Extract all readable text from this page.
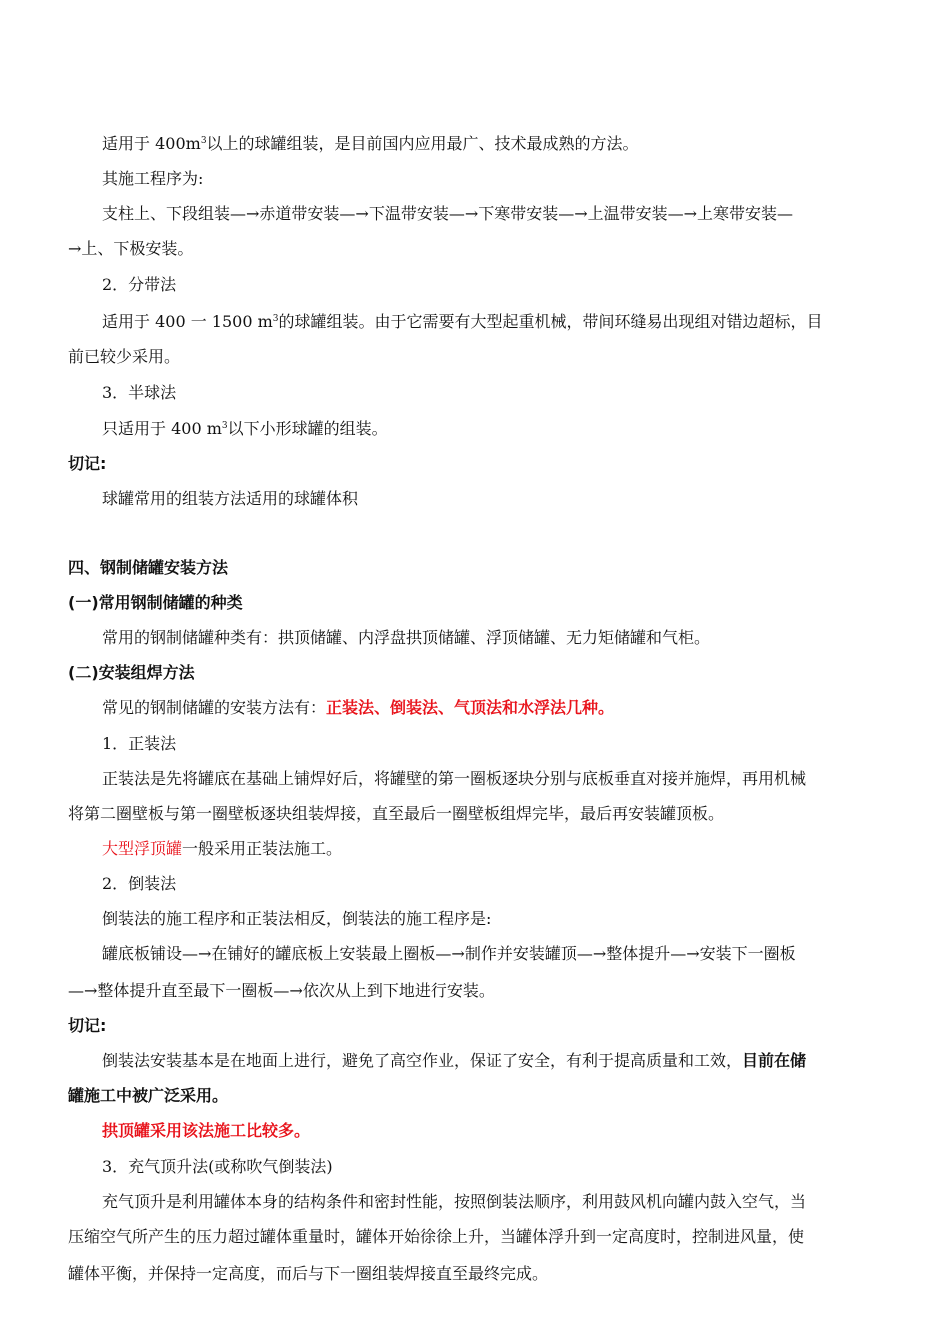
适用于 $400m^3$以上的球罐组装，是目前国内应用最广、技术最成熟的方法。
其施工程序为:
支柱上、下段组装—→赤道带安装—→下温带安装—→下寒带安装—→上温带安装—→上寒带安装—
→上、下极安装。
2．分带法
适用于 400 一 1500 $m^3$的球罐组装。由于它需要有大型起重机械，带间环缝易出现组对错边超标，目
前已较少采用。
3．半球法
只适用于 400 $m^3$以下小形球罐的组装。
切记:
球罐常用的组装方法适用的球罐体积
四、钢制储罐安装方法
(一)常用钢制储罐的种类
常用的钢制储罐种类有：拱顶储罐、内浮盘拱顶储罐、浮顶储罐、无力矩储罐和气柜。
(二)安装组焊方法
常见的钢制储罐的安装方法有：正装法、倒装法、气顶法和水浮法几种。
1．正装法
正装法是先将罐底在基础上铺焊好后，将罐壁的第一圈板逐块分别与底板垂直对接并施焊，再用机械
将第二圈壁板与第一圈壁板逐块组装焊接，直至最后一圈壁板组焊完毕，最后再安装罐顶板。
大型浮顶罐一般采用正装法施工。
2．倒装法
倒装法的施工程序和正装法相反，倒装法的施工程序是:
罐底板铺设—→在铺好的罐底板上安装最上圈板—→制作并安装罐顶—→整体提升—→安装下一圈板
—→整体提升直至最下一圈板—→依次从上到下地进行安装。
切记:
倒装法安装基本是在地面上进行，避免了高空作业，保证了安全，有利于提高质量和工效，目前在储
罐施工中被广泛采用。
拱顶罐采用该法施工比较多。
3．充气顶升法(或称吹气倒装法)
充气顶升是利用罐体本身的结构条件和密封性能，按照倒装法顺序，利用鼓风机向罐内鼓入空气，当
压缩空气所产生的压力超过罐体重量时，罐体开始徐徐上升，当罐体浮升到一定高度时，控制进风量，使
罐体平衡，并保持一定高度，而后与下一圈组装焊接直至最终完成。
